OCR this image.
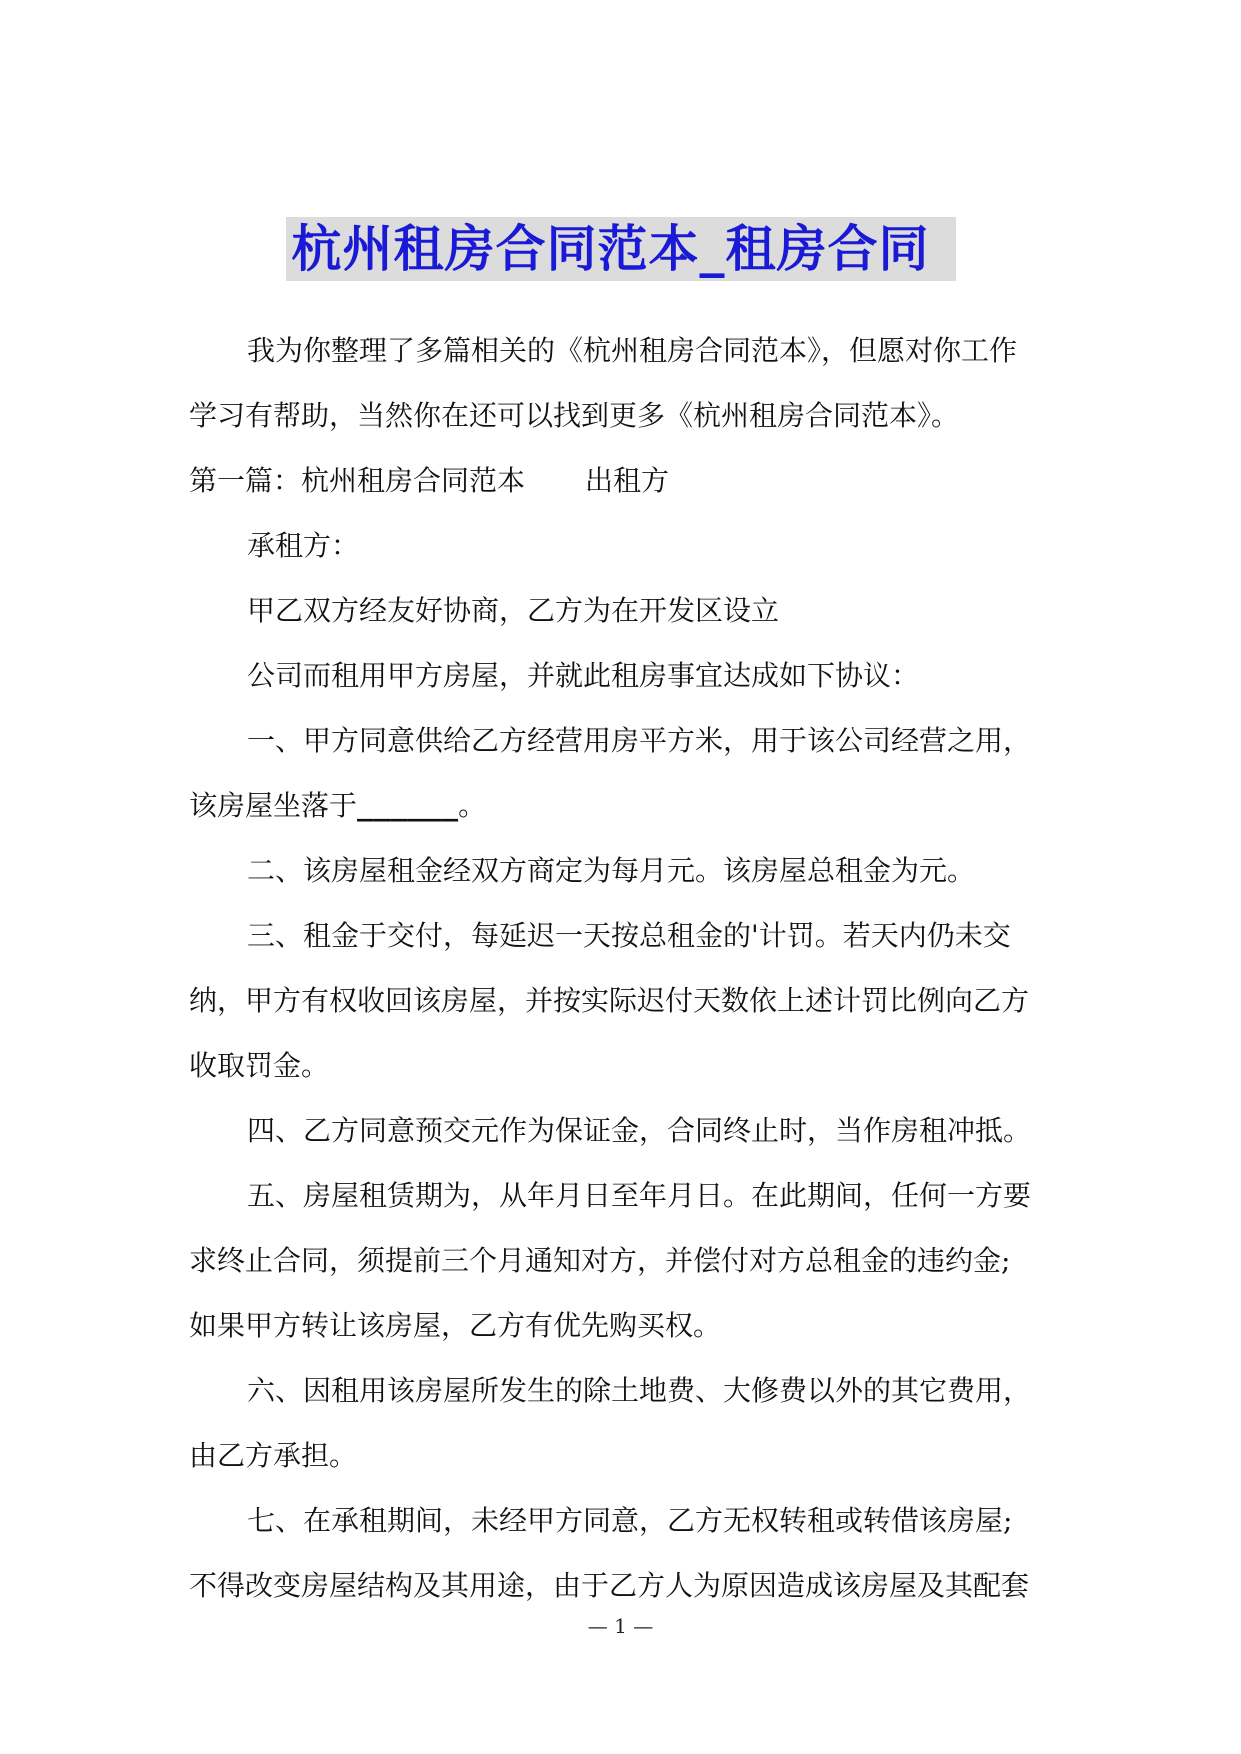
杭州租房合同范本_租房合同

我为你整理了多篇相关的《杭州租房合同范本》，但愿对你工作

学习有帮助，当然你在还可以找到更多《杭州租房合同范本》。

第一篇：杭州租房合同范本 出租方

承租方：

甲乙双方经友好协商，乙方为在开发区设立

公司而租用甲方房屋，并就此租房事宜达成如下协议：

一、甲方同意供给乙方经营用房平方米，用于该公司经营之用，

该房屋坐落于______。

二、该房屋租金经双方商定为每月元。该房屋总租金为元。

三、租金于交付，每延迟一天按总租金的'计罚。若天内仍未交

纳，甲方有权收回该房屋，并按实际迟付天数依上述计罚比例向乙方

收取罚金。

四、乙方同意预交元作为保证金，合同终止时，当作房租冲抵。

五、房屋租赁期为，从年月日至年月日。在此期间，任何一方要

求终止合同，须提前三个月通知对方，并偿付对方总租金的违约金;

如果甲方转让该房屋，乙方有优先购买权。

六、因租用该房屋所发生的除土地费、大修费以外的其它费用，

由乙方承担。

七、在承租期间，未经甲方同意，乙方无权转租或转借该房屋;

不得改变房屋结构及其用途，由于乙方人为原因造成该房屋及其配套

— 1 —
